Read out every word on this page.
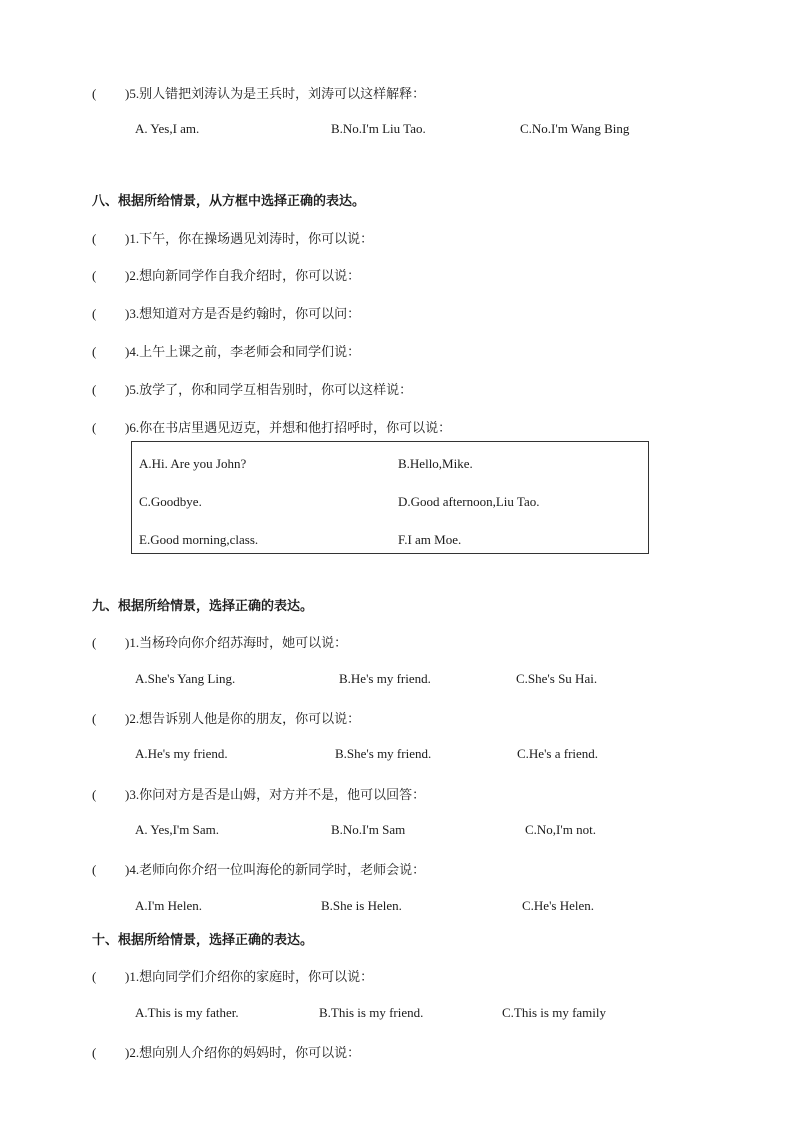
( )5.别人错把刘涛认为是王兵时，刘涛可以这样解释：
A. Yes,I am.	B.No.I'm Liu Tao.	C.No.I'm Wang Bing
八、根据所给情景，从方框中选择正确的表达。
( )1.下午，你在操场遇见刘涛时，你可以说：
( )2.想向新同学作自我介绍时，你可以说：
( )3.想知道对方是否是约翰时，你可以问：
( )4.上午上课之前，李老师会和同学们说：
( )5.放学了，你和同学互相告别时，你可以这样说：
( )6.你在书店里遇见迈克，并想和他打招呼时，你可以说：
A.Hi. Are you John?	B.Hello,Mike.
C.Goodbye.	D.Good afternoon,Liu Tao.
E.Good morning,class.	F.I am Moe.
九、根据所给情景，选择正确的表达。
( )1.当杨玲向你介绍苏海时，她可以说：
A.She's Yang Ling.	B.He's my friend.	C.She's Su Hai.
( )2.想告诉别人他是你的朋友，你可以说：
A.He's my friend.	B.She's my friend.	C.He's a friend.
( )3.你问对方是否是山姆，对方并不是，他可以回答：
A. Yes,I'm Sam.	B.No.I'm Sam	C.No,I'm not.
( )4.老师向你介绍一位叫海伦的新同学时，老师会说：
A.I'm Helen.	B.She is Helen.	C.He's Helen.
十、根据所给情景，选择正确的表达。
( )1.想向同学们介绍你的家庭时，你可以说：
A.This is my father.	B.This is my friend.	C.This is my family
( )2.想向别人介绍你的妈妈时，你可以说：
